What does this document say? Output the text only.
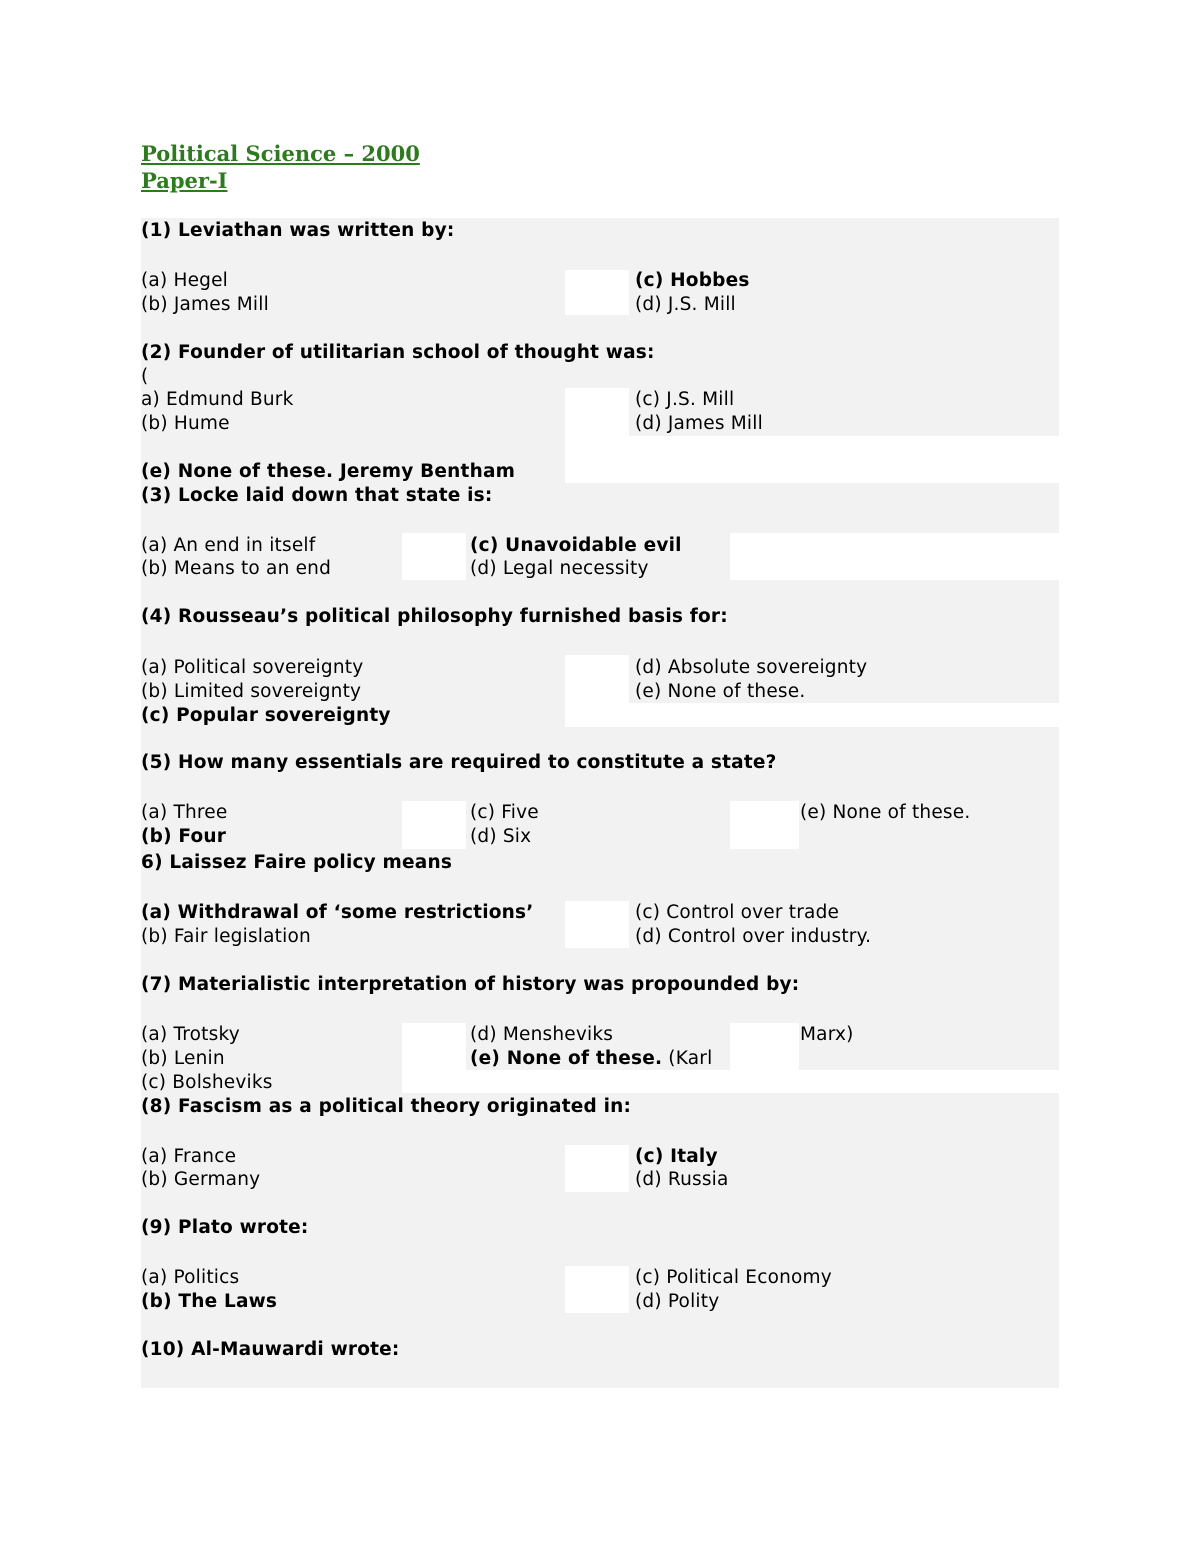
Political Science – 2000
Paper-I
(1) Leviathan was written by:
(a) Hegel
(b) James Mill
(c) Hobbes
(d) J.S. Mill
(2) Founder of utilitarian school of thought was:
(
a) Edmund Burk
(b) Hume
(c) J.S. Mill
(d) James Mill
(e) None of these. Jeremy Bentham
(3) Locke laid down that state is:
(a) An end in itself
(b) Means to an end
(c) Unavoidable evil
(d) Legal necessity
(4) Rousseau’s political philosophy furnished basis for:
(a) Political sovereignty
(b) Limited sovereignty
(c) Popular sovereignty
(d) Absolute sovereignty
(e) None of these.
(5) How many essentials are required to constitute a state?
(a) Three
(b) Four
(c) Five
(d) Six
(e) None of these.
6) Laissez Faire policy means
(a) Withdrawal of ‘some restrictions’
(b) Fair legislation
(c) Control over trade
(d) Control over industry.
(7) Materialistic interpretation of history was propounded by:
(a) Trotsky
(b) Lenin
(c) Bolsheviks
(d) Mensheviks
(e) None of these. (Karl
Marx)
(8) Fascism as a political theory originated in:
(a) France
(b) Germany
(c) Italy
(d) Russia
(9) Plato wrote:
(a) Politics
(b) The Laws
(c) Political Economy
(d) Polity
(10) Al-Mauwardi wrote:
